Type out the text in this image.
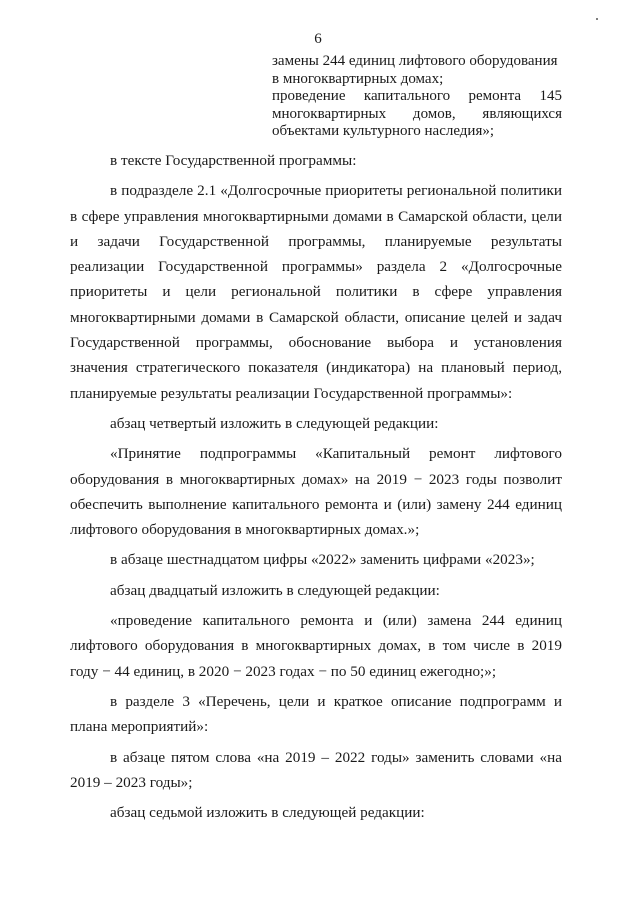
6
замены 244 единиц лифтового оборудования
в многоквартирных домах;
проведение капитального ремонта 145
многоквартирных домов, являющихся
объектами культурного наследия»;

в тексте Государственной программы:

в подразделе 2.1 «Долгосрочные приоритеты региональной политики в сфере управления многоквартирными домами в Самарской области, цели и задачи Государственной программы, планируемые результаты реализации Государственной программы» раздела 2 «Долгосрочные приоритеты и цели региональной политики в сфере управления многоквартирными домами в Самарской области, описание целей и задач Государственной программы, обоснование выбора и установления значения стратегического показателя (индикатора) на плановый период, планируемые результаты реализации Государственной программы»:

абзац четвертый изложить в следующей редакции:

«Принятие подпрограммы «Капитальный ремонт лифтового оборудования в многоквартирных домах» на 2019 − 2023 годы позволит обеспечить выполнение капитального ремонта и (или) замену 244 единиц лифтового оборудования в многоквартирных домах.»;

в абзаце шестнадцатом цифры «2022» заменить цифрами «2023»;

абзац двадцатый изложить в следующей редакции:

«проведение капитального ремонта и (или) замена 244 единиц лифтового оборудования в многоквартирных домах, в том числе в 2019 году − 44 единиц, в 2020 − 2023 годах − по 50 единиц ежегодно;»;

в разделе 3 «Перечень, цели и краткое описание подпрограмм и плана мероприятий»:

в абзаце пятом слова «на 2019 – 2022 годы» заменить словами «на 2019 – 2023 годы»;

абзац седьмой изложить в следующей редакции:
